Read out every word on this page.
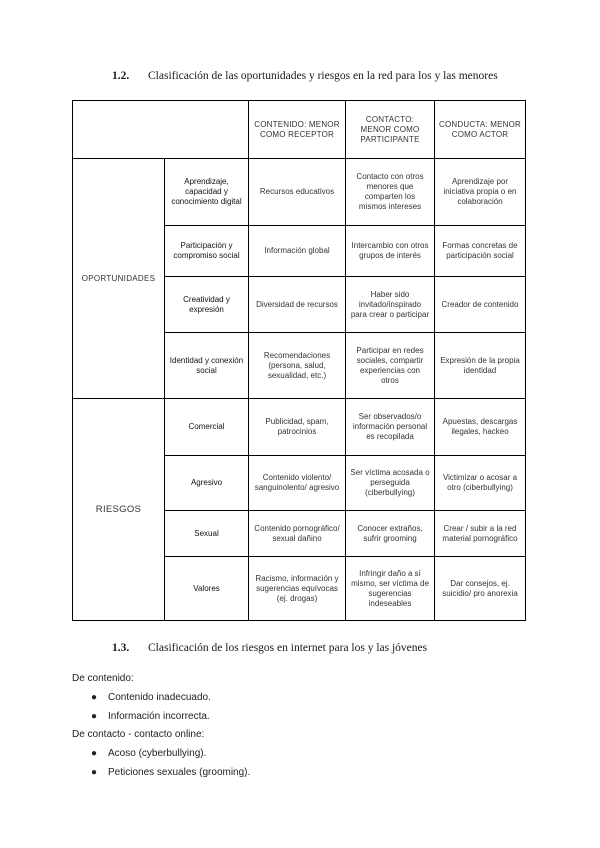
1.2. Clasificación de las oportunidades y riesgos en la red para los y las menores
		CONTENIDO: MENOR COMO RECEPTOR	CONTACTO: MENOR COMO PARTICIPANTE	CONDUCTA: MENOR COMO ACTOR
OPORTUNIDADES	Aprendizaje, capacidad y conocimiento digital	Recursos educativos	Contacto con otros menores que comparten los mismos intereses	Aprendizaje por iniciativa propia o en colaboración
	Participación y compromiso social	Información global	Intercambio con otros grupos de interés	Formas concretas de participación social
	Creatividad y expresión	Diversidad de recursos	Haber sido invitado/inspirado para crear o participar	Creador de contenido
	Identidad y conexión social	Recomendaciones (persona, salud, sexualidad, etc.)	Participar en redes sociales, compartir experiencias con otros	Expresión de la propia identidad
RIESGOS	Comercial	Publicidad, spam, patrocinios	Ser observados/o información personal es recopilada	Apuestas, descargas ilegales, hackeo
	Agresivo	Contenido violento/ sanguinolento/ agresivo	Ser víctima acosada o perseguida (ciberbullying)	Victimizar o acosar a otro (ciberbullying)
	Sexual	Contenido pornográfico/ sexual dañino	Conocer extraños, sufrir grooming	Crear / subir a la red material pornográfico
	Valores	Racismo, información y sugerencias equívocas (ej. drogas)	Infringir daño a sí mismo, ser víctima de sugerencias indeseables	Dar consejos, ej. suicidio/ pro anorexia
1.3. Clasificación de los riesgos en internet para los y las jóvenes
De contenido:
● Contenido inadecuado.
● Información incorrecta.
De contacto - contacto online:
● Acoso (cyberbullying).
● Peticiones sexuales (grooming).
